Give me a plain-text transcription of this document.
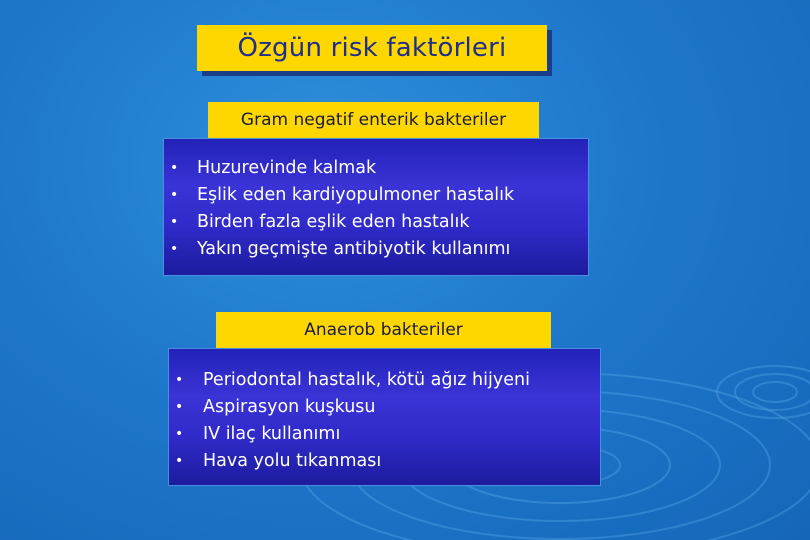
Özgün risk faktörleri
Gram negatif enterik bakteriler
•	Huzurevinde kalmak
•	Eşlik eden kardiyopulmoner hastalık
•	Birden fazla eşlik eden hastalık
•	Yakın geçmişte antibiyotik kullanımı
Anaerob bakteriler
•	Periodontal hastalık, kötü ağız hijyeni
•	Aspirasyon kuşkusu
•	IV ilaç kullanımı
•	Hava yolu tıkanması
